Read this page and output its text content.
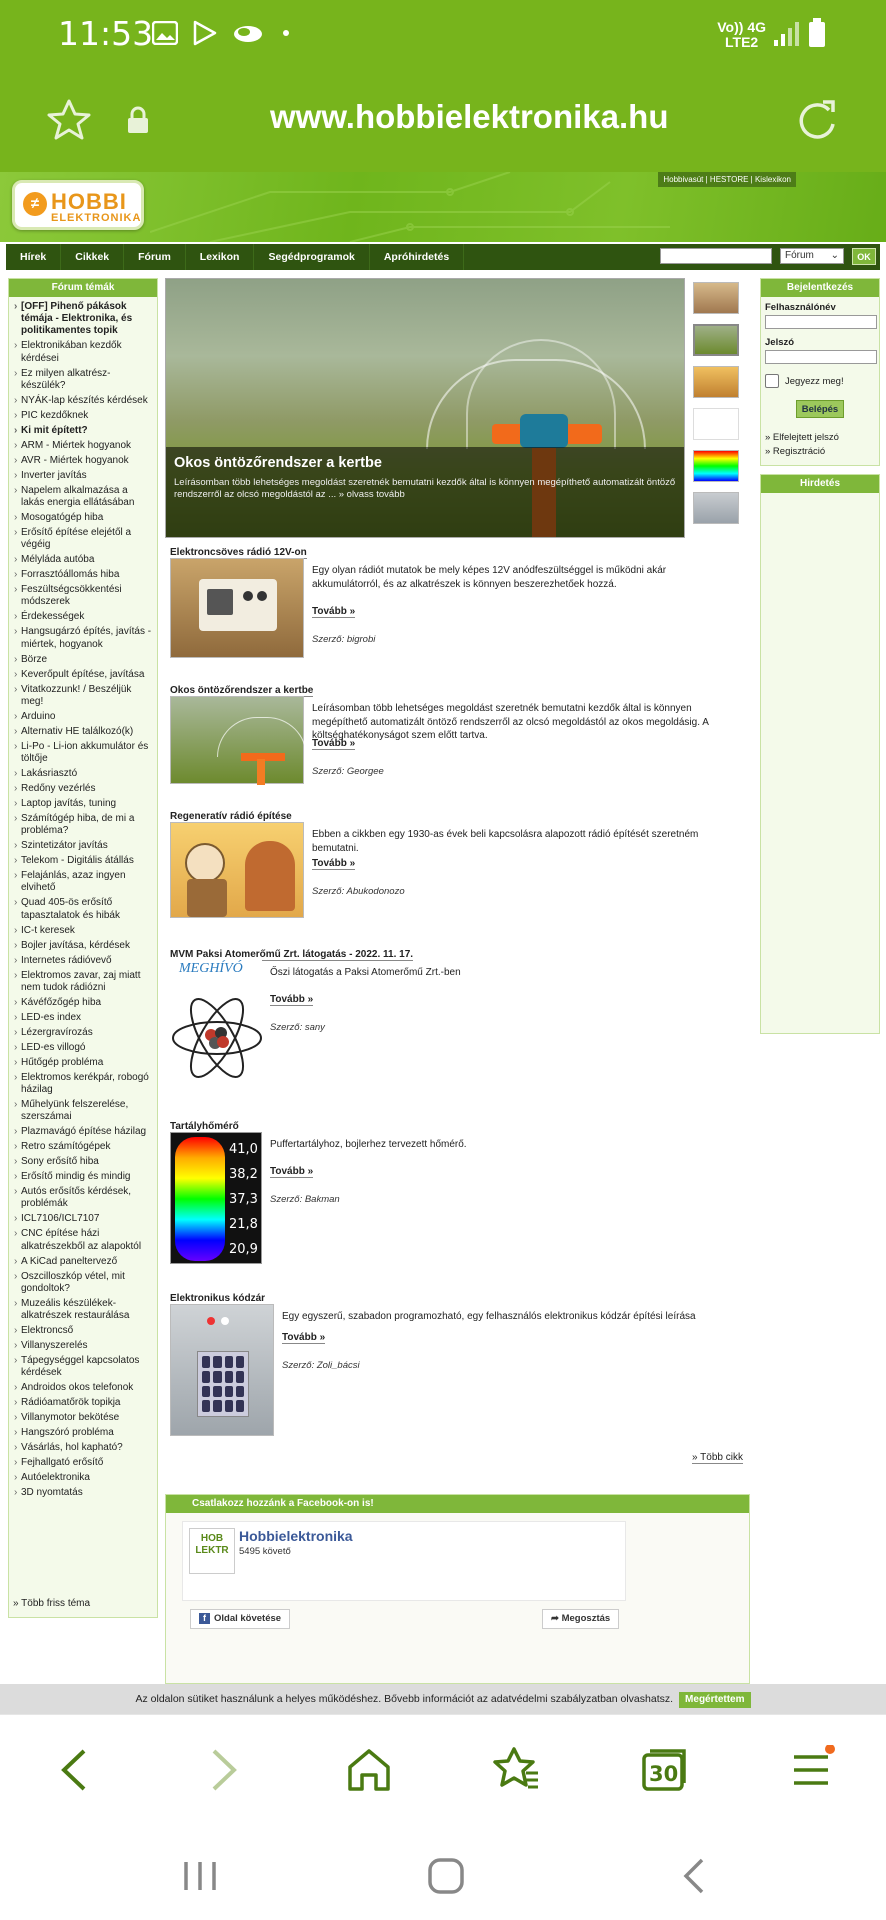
11:53	Vo)) 4G
LTE2
www.hobbielektronika.hu
≠ HOBBI
ELEKTRONIKA
Hobbivasút | HESTORE | Kislexikon
Hírek	Cikkek	Fórum	Lexikon	Segédprogramok	Apróhirdetés	Fórum ⌄	OK
Fórum témák
› [OFF] Pihenő pákások témája - Elektronika, és politikamentes topik
› Elektronikában kezdők kérdései
› Ez milyen alkatrész-készülék?
› NYÁK-lap készítés kérdések
› PIC kezdőknek
› Ki mit épített?
› ARM - Miértek hogyanok
› AVR - Miértek hogyanok
› Inverter javítás
› Napelem alkalmazása a lakás energia ellátásában
› Mosogatógép hiba
› Erősítő építése elejétől a végéig
› Mélyláda autóba
› Forrasztóállomás hiba
› Feszültségcsökkentési módszerek
› Érdekességek
› Hangsugárzó építés, javítás - miértek, hogyanok
› Börze
› Keverőpult építése, javítása
› Vitatkozzunk! / Beszéljük meg!
› Arduino
› Alternativ HE találkozó(k)
› Li-Po - Li-ion akkumulátor és töltője
› Lakásriasztó
› Redőny vezérlés
› Laptop javítás, tuning
› Számítógép hiba, de mi a probléma?
› Szintetizátor javítás
› Telekom - Digitális átállás
› Felajánlás, azaz ingyen elvihető
› Quad 405-ös erősítő tapasztalatok és hibák
› IC-t keresek
› Bojler javítása, kérdések
› Internetes rádióvevő
› Elektromos zavar, zaj miatt nem tudok rádiózni
› Kávéfőzőgép hiba
› LED-es index
› Lézergravírozás
› LED-es villogó
› Hűtőgép probléma
› Elektromos kerékpár, robogó házilag
› Műhelyünk felszerelése, szerszámai
› Plazmavágó építése házilag
› Retro számítógépek
› Sony erősítő hiba
› Erősítő mindig és mindig
› Autós erősítős kérdések, problémák
› ICL7106/ICL7107
› CNC építése házi alkatrészekből az alapoktól
› A KiCad paneltervező
› Oszcilloszkóp vétel, mit gondoltok?
› Muzeális készülékek-alkatrészek restaurálása
› Elektroncső
› Villanyszerelés
› Tápegységgel kapcsolatos kérdések
› Androidos okos telefonok
› Rádióamatőrök topikja
› Villanymotor bekötése
› Hangszóró probléma
› Vásárlás, hol kapható?
› Fejhallgató erősítő
› Autóelektronika
› 3D nyomtatás
» Több friss téma
Okos öntözőrendszer a kertbe

Leírásomban több lehetséges megoldást szeretnék bemutatni kezdők által is könnyen megépíthető automatizált öntöző rendszerről az olcsó megoldástól az ... » olvass tovább

Bejelentkezés
Felhasználónév
Jelszó
Jegyezz meg!
Belépés
» Elfelejtett jelszó
» Regisztráció
Hirdetés
Elektroncsöves rádió 12V-on
Egy olyan rádiót mutatok be mely képes 12V anódfeszültséggel is működni akár akkumulátorról, és az alkatrészek is könnyen beszerezhetőek hozzá.
Tovább »
Szerző: bigrobi
Okos öntözőrendszer a kertbe
Leírásomban több lehetséges megoldást szeretnék bemutatni kezdők által is könnyen megépíthető automatizált öntöző rendszerről az olcsó megoldástól az okos megoldásig. A költséghatékonyságot szem előtt tartva.
Tovább »
Szerző: Georgee
Regeneratív rádió építése
Ebben a cikkben egy 1930-as évek beli kapcsolásra alapozott rádió építését szeretném bemutatni.
Tovább »
Szerző: Abukodonozo
MVM Paksi Atomerőmű Zrt. látogatás - 2022. 11. 17.
MEGHÍVÓ	Őszi látogatás a Paksi Atomerőmű Zrt.-ben
Tovább »
Szerző: sany
Tartályhőmérő
41,0
38,2
37,3
21,8
20,9
Puffertartályhoz, bojlerhez tervezett hőmérő.
Tovább »
Szerző: Bakman
Elektronikus kódzár
Egy egyszerű, szabadon programozható, egy felhasználós elektronikus kódzár építési leírása
Tovább »
Szerző: Zoli_bácsi
» Több cikk
Csatlakozz hozzánk a Facebook-on is!
HOB
LEKTR
Hobbielektronika
5495 követő
f Oldal követése	➦ Megosztás
Az oldalon sütiket használunk a helyes működéshez. Bővebb információt az adatvédelmi szabályzatban olvashatsz. Megértettem
30
